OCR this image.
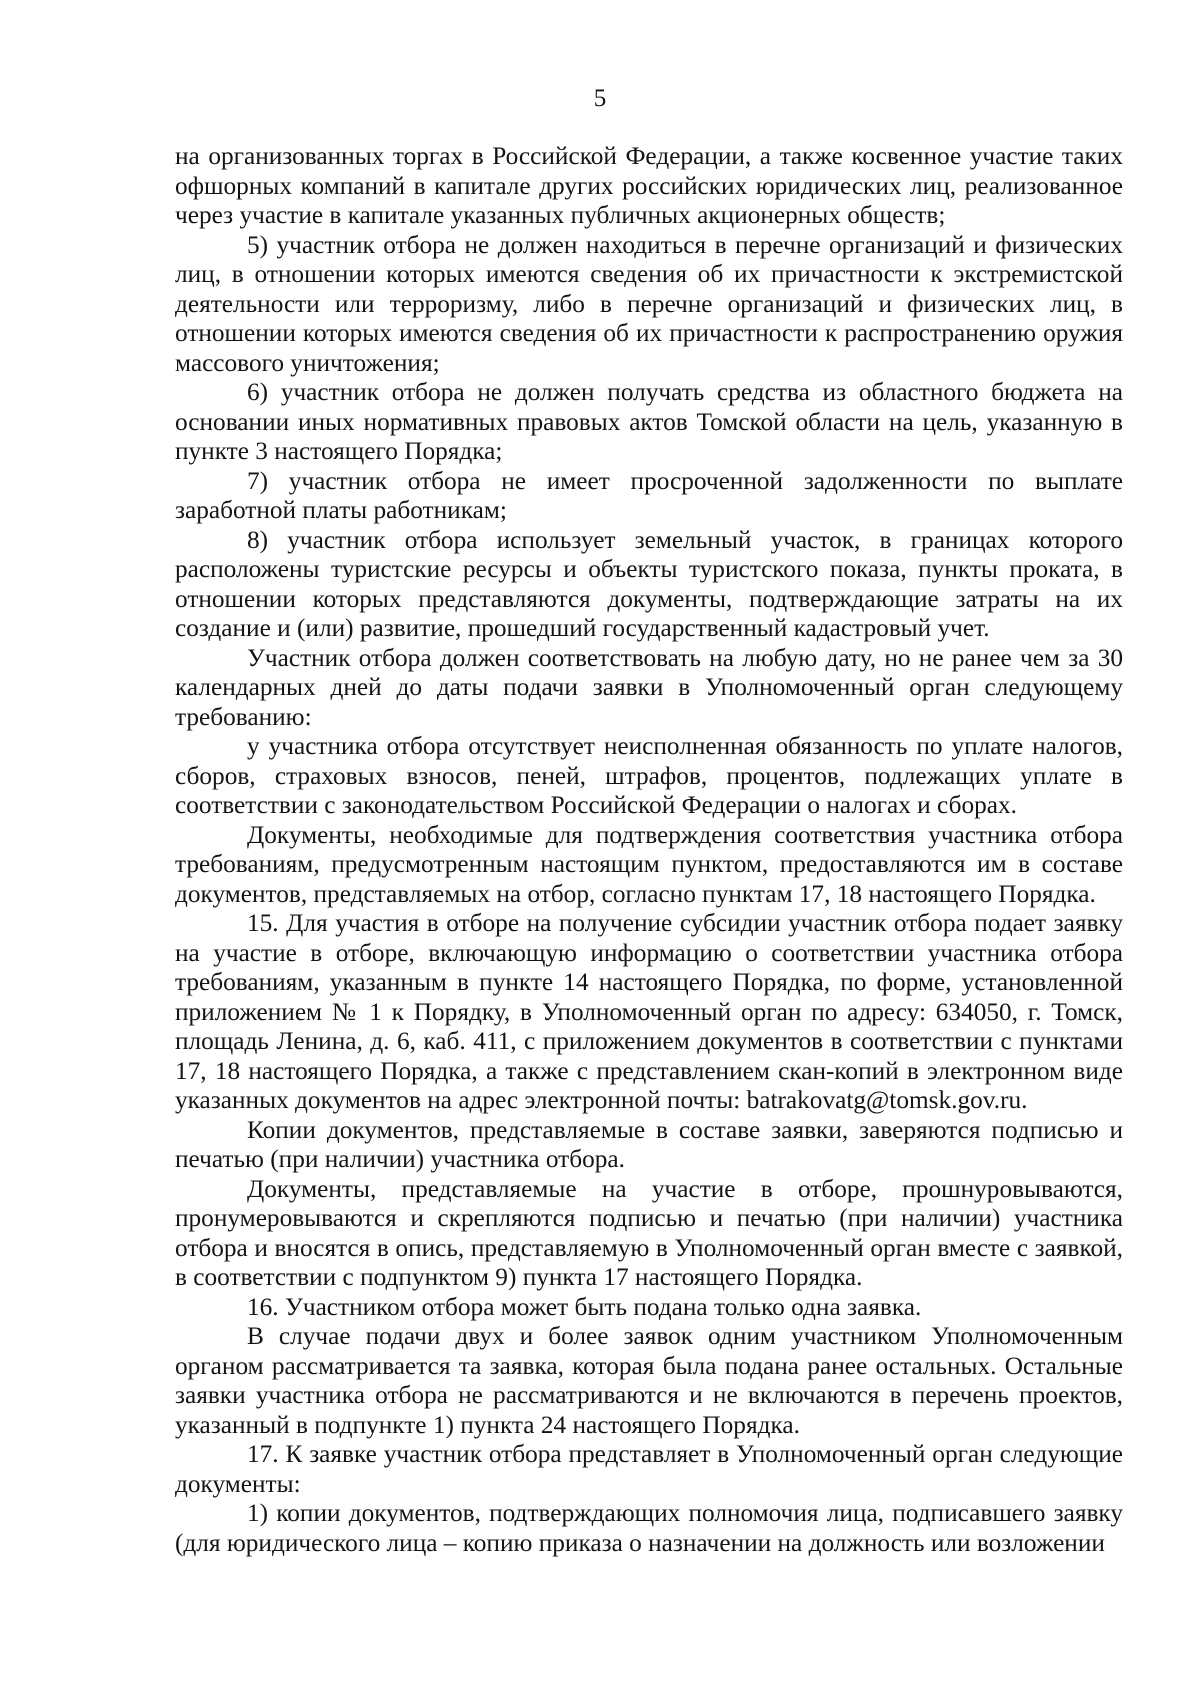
5

на организованных торгах в Российской Федерации, а также косвенное участие таких офшорных компаний в капитале других российских юридических лиц, реализованное через участие в капитале указанных публичных акционерных обществ;

5) участник отбора не должен находиться в перечне организаций и физических лиц, в отношении которых имеются сведения об их причастности к экстремистской деятельности или терроризму, либо в перечне организаций и физических лиц, в отношении которых имеются сведения об их причастности к распространению оружия массового уничтожения;

6) участник отбора не должен получать средства из областного бюджета на основании иных нормативных правовых актов Томской области на цель, указанную в пункте 3 настоящего Порядка;

7) участник отбора не имеет просроченной задолженности по выплате заработной платы работникам;

8) участник отбора использует земельный участок, в границах которого расположены туристские ресурсы и объекты туристского показа, пункты проката, в отношении которых представляются документы, подтверждающие затраты на их создание и (или) развитие, прошедший государственный кадастровый учет.

Участник отбора должен соответствовать на любую дату, но не ранее чем за 30 календарных дней до даты подачи заявки в Уполномоченный орган следующему требованию:

у участника отбора отсутствует неисполненная обязанность по уплате налогов, сборов, страховых взносов, пеней, штрафов, процентов, подлежащих уплате в соответствии с законодательством Российской Федерации о налогах и сборах.

Документы, необходимые для подтверждения соответствия участника отбора требованиям, предусмотренным настоящим пунктом, предоставляются им в составе документов, представляемых на отбор, согласно пунктам 17, 18 настоящего Порядка.

15. Для участия в отборе на получение субсидии участник отбора подает заявку на участие в отборе, включающую информацию о соответствии участника отбора требованиям, указанным в пункте 14 настоящего Порядка, по форме, установленной приложением № 1 к Порядку, в Уполномоченный орган по адресу: 634050, г. Томск, площадь Ленина, д. 6, каб. 411, с приложением документов в соответствии с пунктами 17, 18 настоящего Порядка, а также с представлением скан-копий в электронном виде указанных документов на адрес электронной почты: batrakovatg@tomsk.gov.ru.

Копии документов, представляемые в составе заявки, заверяются подписью и печатью (при наличии) участника отбора.

Документы, представляемые на участие в отборе, прошнуровываются, пронумеровываются и скрепляются подписью и печатью (при наличии) участника отбора и вносятся в опись, представляемую в Уполномоченный орган вместе с заявкой, в соответствии с подпунктом 9) пункта 17 настоящего Порядка.

16. Участником отбора может быть подана только одна заявка.

В случае подачи двух и более заявок одним участником Уполномоченным органом рассматривается та заявка, которая была подана ранее остальных. Остальные заявки участника отбора не рассматриваются и не включаются в перечень проектов, указанный в подпункте 1) пункта 24 настоящего Порядка.

17. К заявке участник отбора представляет в Уполномоченный орган следующие документы:

1) копии документов, подтверждающих полномочия лица, подписавшего заявку (для юридического лица – копию приказа о назначении на должность или возложении
